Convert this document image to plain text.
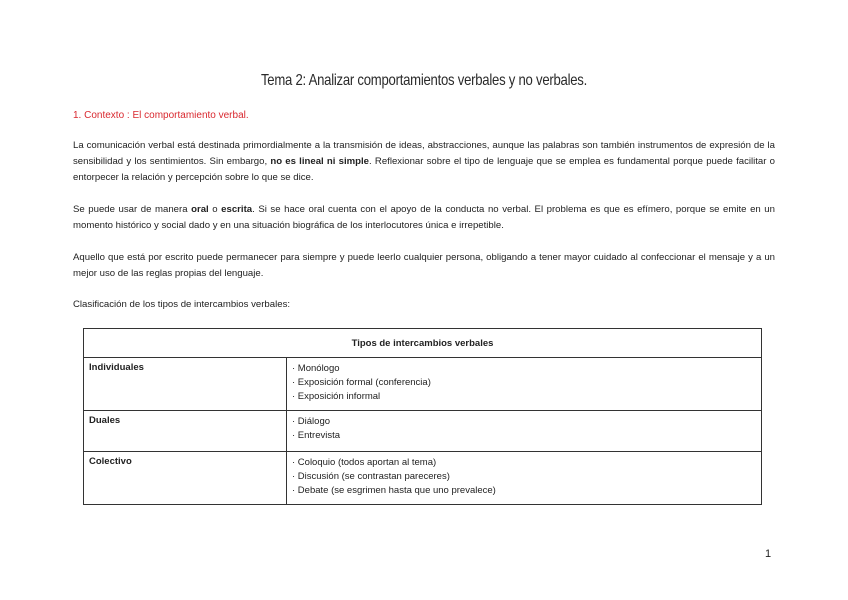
Tema 2: Analizar comportamientos verbales y no verbales.
1. Contexto : El comportamiento verbal.

La comunicación verbal está destinada primordialmente a la transmisión de ideas, abstracciones, aunque las palabras son también instrumentos de expresión de la sensibilidad y los sentimientos. Sin embargo, no es lineal ni simple. Reflexionar sobre el tipo de lenguaje que se emplea es fundamental porque puede facilitar o entorpecer la relación y percepción sobre lo que se dice.

Se puede usar de manera oral o escrita. Si se hace oral cuenta con el apoyo de la conducta no verbal. El problema es que es efímero, porque se emite en un momento histórico y social dado y en una situación biográfica de los interlocutores única e irrepetible.

Aquello que está por escrito puede permanecer para siempre y puede leerlo cualquier persona, obligando a tener mayor cuidado al confeccionar el mensaje y a un mejor uso de las reglas propias del lenguaje.

Clasificación de los tipos de intercambios verbales:

Tipos de intercambios verbales	
Individuales	· Monólogo
· Exposición formal (conferencia)
· Exposición informal

Duales	· Diálogo
· Entrevista

Colectivo	· Coloquio (todos aportan al tema)
· Discusión (se contrastan pareceres)
· Debate (se esgrimen hasta que uno prevalece)
1
